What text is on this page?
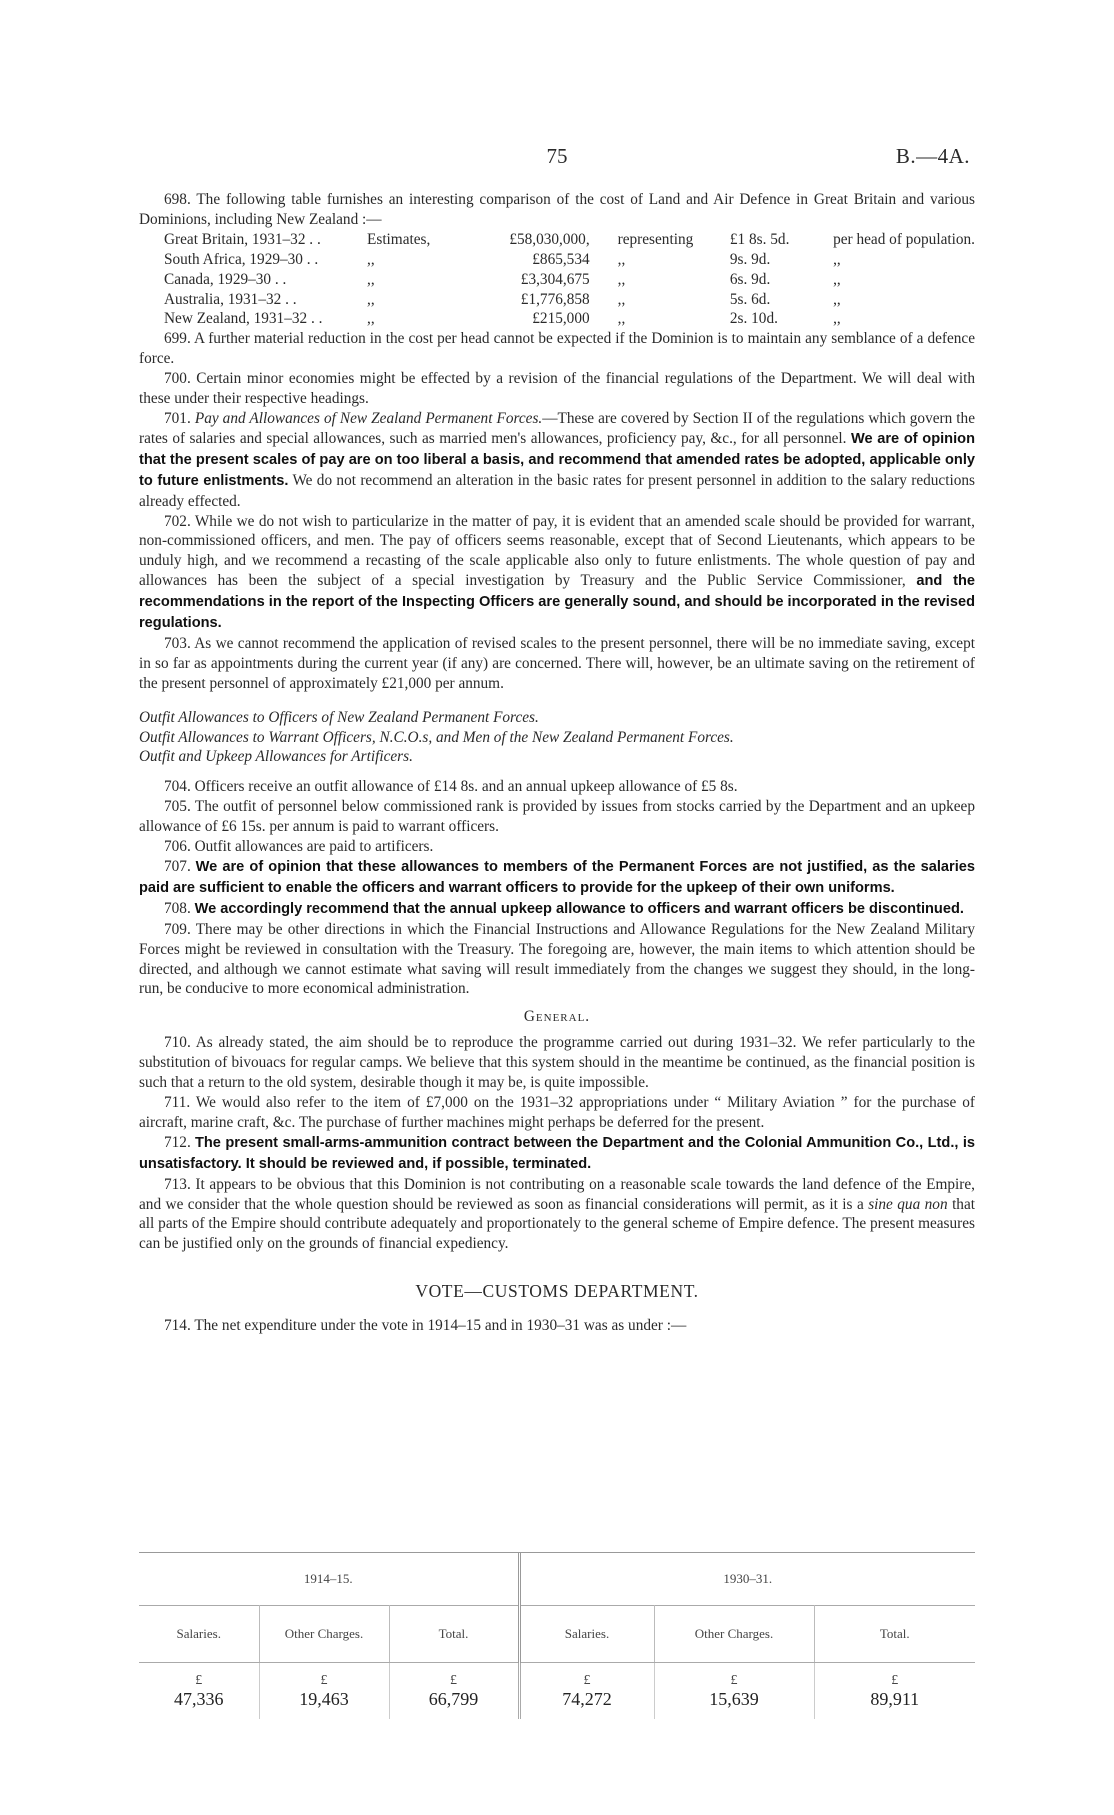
75	B.—4A.

698. The following table furnishes an interesting comparison of the cost of Land and Air Defence in Great Britain and various Dominions, including New Zealand :—

Great Britain, 1931–32 . .	Estimates,	£58,030,000,	representing	£1 8s. 5d.	per head of population.
South Africa, 1929–30 . .	,,	£865,534	,,	9s. 9d.	,,
Canada, 1929–30 . .	,,	£3,304,675	,,	6s. 9d.	,,
Australia, 1931–32 . .	,,	£1,776,858	,,	5s. 6d.	,,
New Zealand, 1931–32 . .	,,	£215,000	,,	2s. 10d.	,,

699. A further material reduction in the cost per head cannot be expected if the Dominion is to maintain any semblance of a defence force.

700. Certain minor economies might be effected by a revision of the financial regulations of the Department. We will deal with these under their respective headings.

701. Pay and Allowances of New Zealand Permanent Forces.—These are covered by Section II of the regulations which govern the rates of salaries and special allowances, such as married men's allowances, proficiency pay, &c., for all personnel. We are of opinion that the present scales of pay are on too liberal a basis, and recommend that amended rates be adopted, applicable only to future enlistments. We do not recommend an alteration in the basic rates for present personnel in addition to the salary reductions already effected.

702. While we do not wish to particularize in the matter of pay, it is evident that an amended scale should be provided for warrant, non-commissioned officers, and men. The pay of officers seems reasonable, except that of Second Lieutenants, which appears to be unduly high, and we recommend a recasting of the scale applicable also only to future enlistments. The whole question of pay and allowances has been the subject of a special investigation by Treasury and the Public Service Commissioner, and the recommendations in the report of the Inspecting Officers are generally sound, and should be incorporated in the revised regulations.

703. As we cannot recommend the application of revised scales to the present personnel, there will be no immediate saving, except in so far as appointments during the current year (if any) are concerned. There will, however, be an ultimate saving on the retirement of the present personnel of approximately £21,000 per annum.

Outfit Allowances to Officers of New Zealand Permanent Forces.
Outfit Allowances to Warrant Officers, N.C.O.s, and Men of the New Zealand Permanent Forces.
Outfit and Upkeep Allowances for Artificers.

704. Officers receive an outfit allowance of £14 8s. and an annual upkeep allowance of £5 8s.

705. The outfit of personnel below commissioned rank is provided by issues from stocks carried by the Department and an upkeep allowance of £6 15s. per annum is paid to warrant officers.

706. Outfit allowances are paid to artificers.

707. We are of opinion that these allowances to members of the Permanent Forces are not justified, as the salaries paid are sufficient to enable the officers and warrant officers to provide for the upkeep of their own uniforms.

708. We accordingly recommend that the annual upkeep allowance to officers and warrant officers be discontinued.

709. There may be other directions in which the Financial Instructions and Allowance Regulations for the New Zealand Military Forces might be reviewed in consultation with the Treasury. The foregoing are, however, the main items to which attention should be directed, and although we cannot estimate what saving will result immediately from the changes we suggest they should, in the long-run, be conducive to more economical administration.

General.

710. As already stated, the aim should be to reproduce the programme carried out during 1931–32. We refer particularly to the substitution of bivouacs for regular camps. We believe that this system should in the meantime be continued, as the financial position is such that a return to the old system, desirable though it may be, is quite impossible.

711. We would also refer to the item of £7,000 on the 1931–32 appropriations under “ Military Aviation ” for the purchase of aircraft, marine craft, &c. The purchase of further machines might perhaps be deferred for the present.

712. The present small-arms-ammunition contract between the Department and the Colonial Ammunition Co., Ltd., is unsatisfactory. It should be reviewed and, if possible, terminated.

713. It appears to be obvious that this Dominion is not contributing on a reasonable scale towards the land defence of the Empire, and we consider that the whole question should be reviewed as soon as financial considerations will permit, as it is a sine qua non that all parts of the Empire should contribute adequately and proportionately to the general scheme of Empire defence. The present measures can be justified only on the grounds of financial expediency.

VOTE—CUSTOMS DEPARTMENT.

714. The net expenditure under the vote in 1914–15 and in 1930–31 was as under :—

1914–15.			1930–31.		
Salaries.	Other Charges.	Total.	Salaries.	Other Charges.	Total.
£	£	£	£	£	£
47,336	19,463	66,799	74,272	15,639	89,911
